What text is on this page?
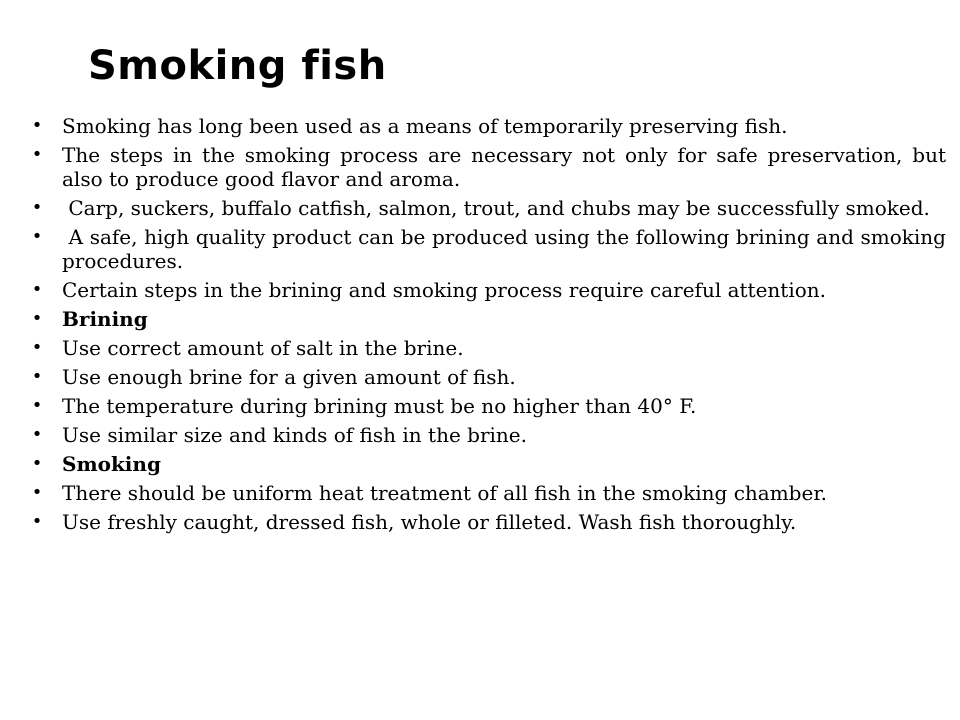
Smoking fish
• Smoking has long been used as a means of temporarily preserving fish.
• The steps in the smoking process are necessary not only for safe preservation, but also to produce good flavor and aroma.
• Carp, suckers, buffalo catfish, salmon, trout, and chubs may be successfully smoked.
• A safe, high quality product can be produced using the following brining and smoking procedures.
• Certain steps in the brining and smoking process require careful attention.
• Brining
• Use correct amount of salt in the brine.
• Use enough brine for a given amount of fish.
• The temperature during brining must be no higher than 40° F.
• Use similar size and kinds of fish in the brine.
• Smoking
• There should be uniform heat treatment of all fish in the smoking chamber.
• Use freshly caught, dressed fish, whole or filleted. Wash fish thoroughly.
